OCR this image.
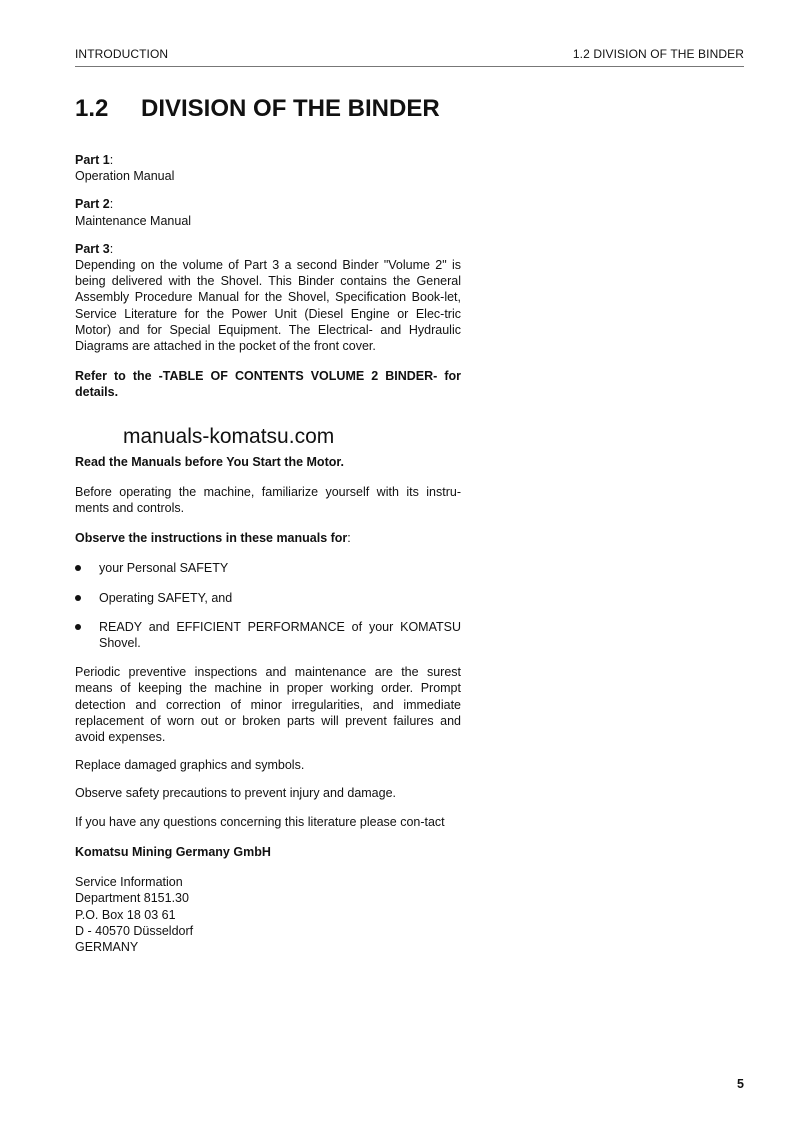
INTRODUCTION	1.2 DIVISION OF THE BINDER
1.2 DIVISION OF THE BINDER

Part 1:

Operation Manual

Part 2:

Maintenance Manual

Part 3:

Depending on the volume of Part 3 a second Binder "Volume 2" is being delivered with the Shovel. This Binder contains the General Assembly Procedure Manual for the Shovel, Specification Book-let, Service Literature for the Power Unit (Diesel Engine or Elec-tric Motor) and for Special Equipment. The Electrical- and Hydraulic Diagrams are attached in the pocket of the front cover.

Refer to the -TABLE OF CONTENTS VOLUME 2 BINDER- for details.

Read the Manuals before You Start the Motor.

Before operating the machine, familiarize yourself with its instru-ments and controls.

Observe the instructions in these manuals for:

your Personal SAFETY
Operating SAFETY, and
READY and EFFICIENT PERFORMANCE of your KOMATSU Shovel.

Periodic preventive inspections and maintenance are the surest means of keeping the machine in proper working order. Prompt detection and correction of minor irregularities, and immediate replacement of worn out or broken parts will prevent failures and avoid expenses.

Replace damaged graphics and symbols.

Observe safety precautions to prevent injury and damage.

If you have any questions concerning this literature please con-tact

Komatsu Mining Germany GmbH

Service Information

Department 8151.30

P.O. Box 18 03 61

D - 40570 Düsseldorf

GERMANY

manuals-komatsu.com
5
